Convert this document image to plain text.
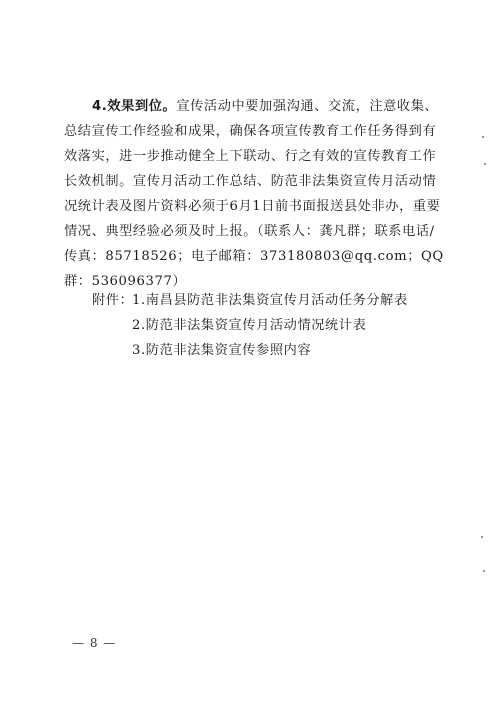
4.效果到位。宣传活动中要加强沟通、交流，注意收集、总结宣传工作经验和成果，确保各项宣传教育工作任务得到有效落实，进一步推动健全上下联动、行之有效的宣传教育工作长效机制。宣传月活动工作总结、防范非法集资宣传月活动情况统计表及图片资料必须于6月1日前书面报送县处非办，重要情况、典型经验必须及时上报。（联系人：龚凡群；联系电话/传真：85718526；电子邮箱：373180803@qq.com；QQ群：536096377）

附件：
1.南昌县防范非法集资宣传月活动任务分解表
2.防范非法集资宣传月活动情况统计表
3.防范非法集资宣传参照内容
— 8 —
